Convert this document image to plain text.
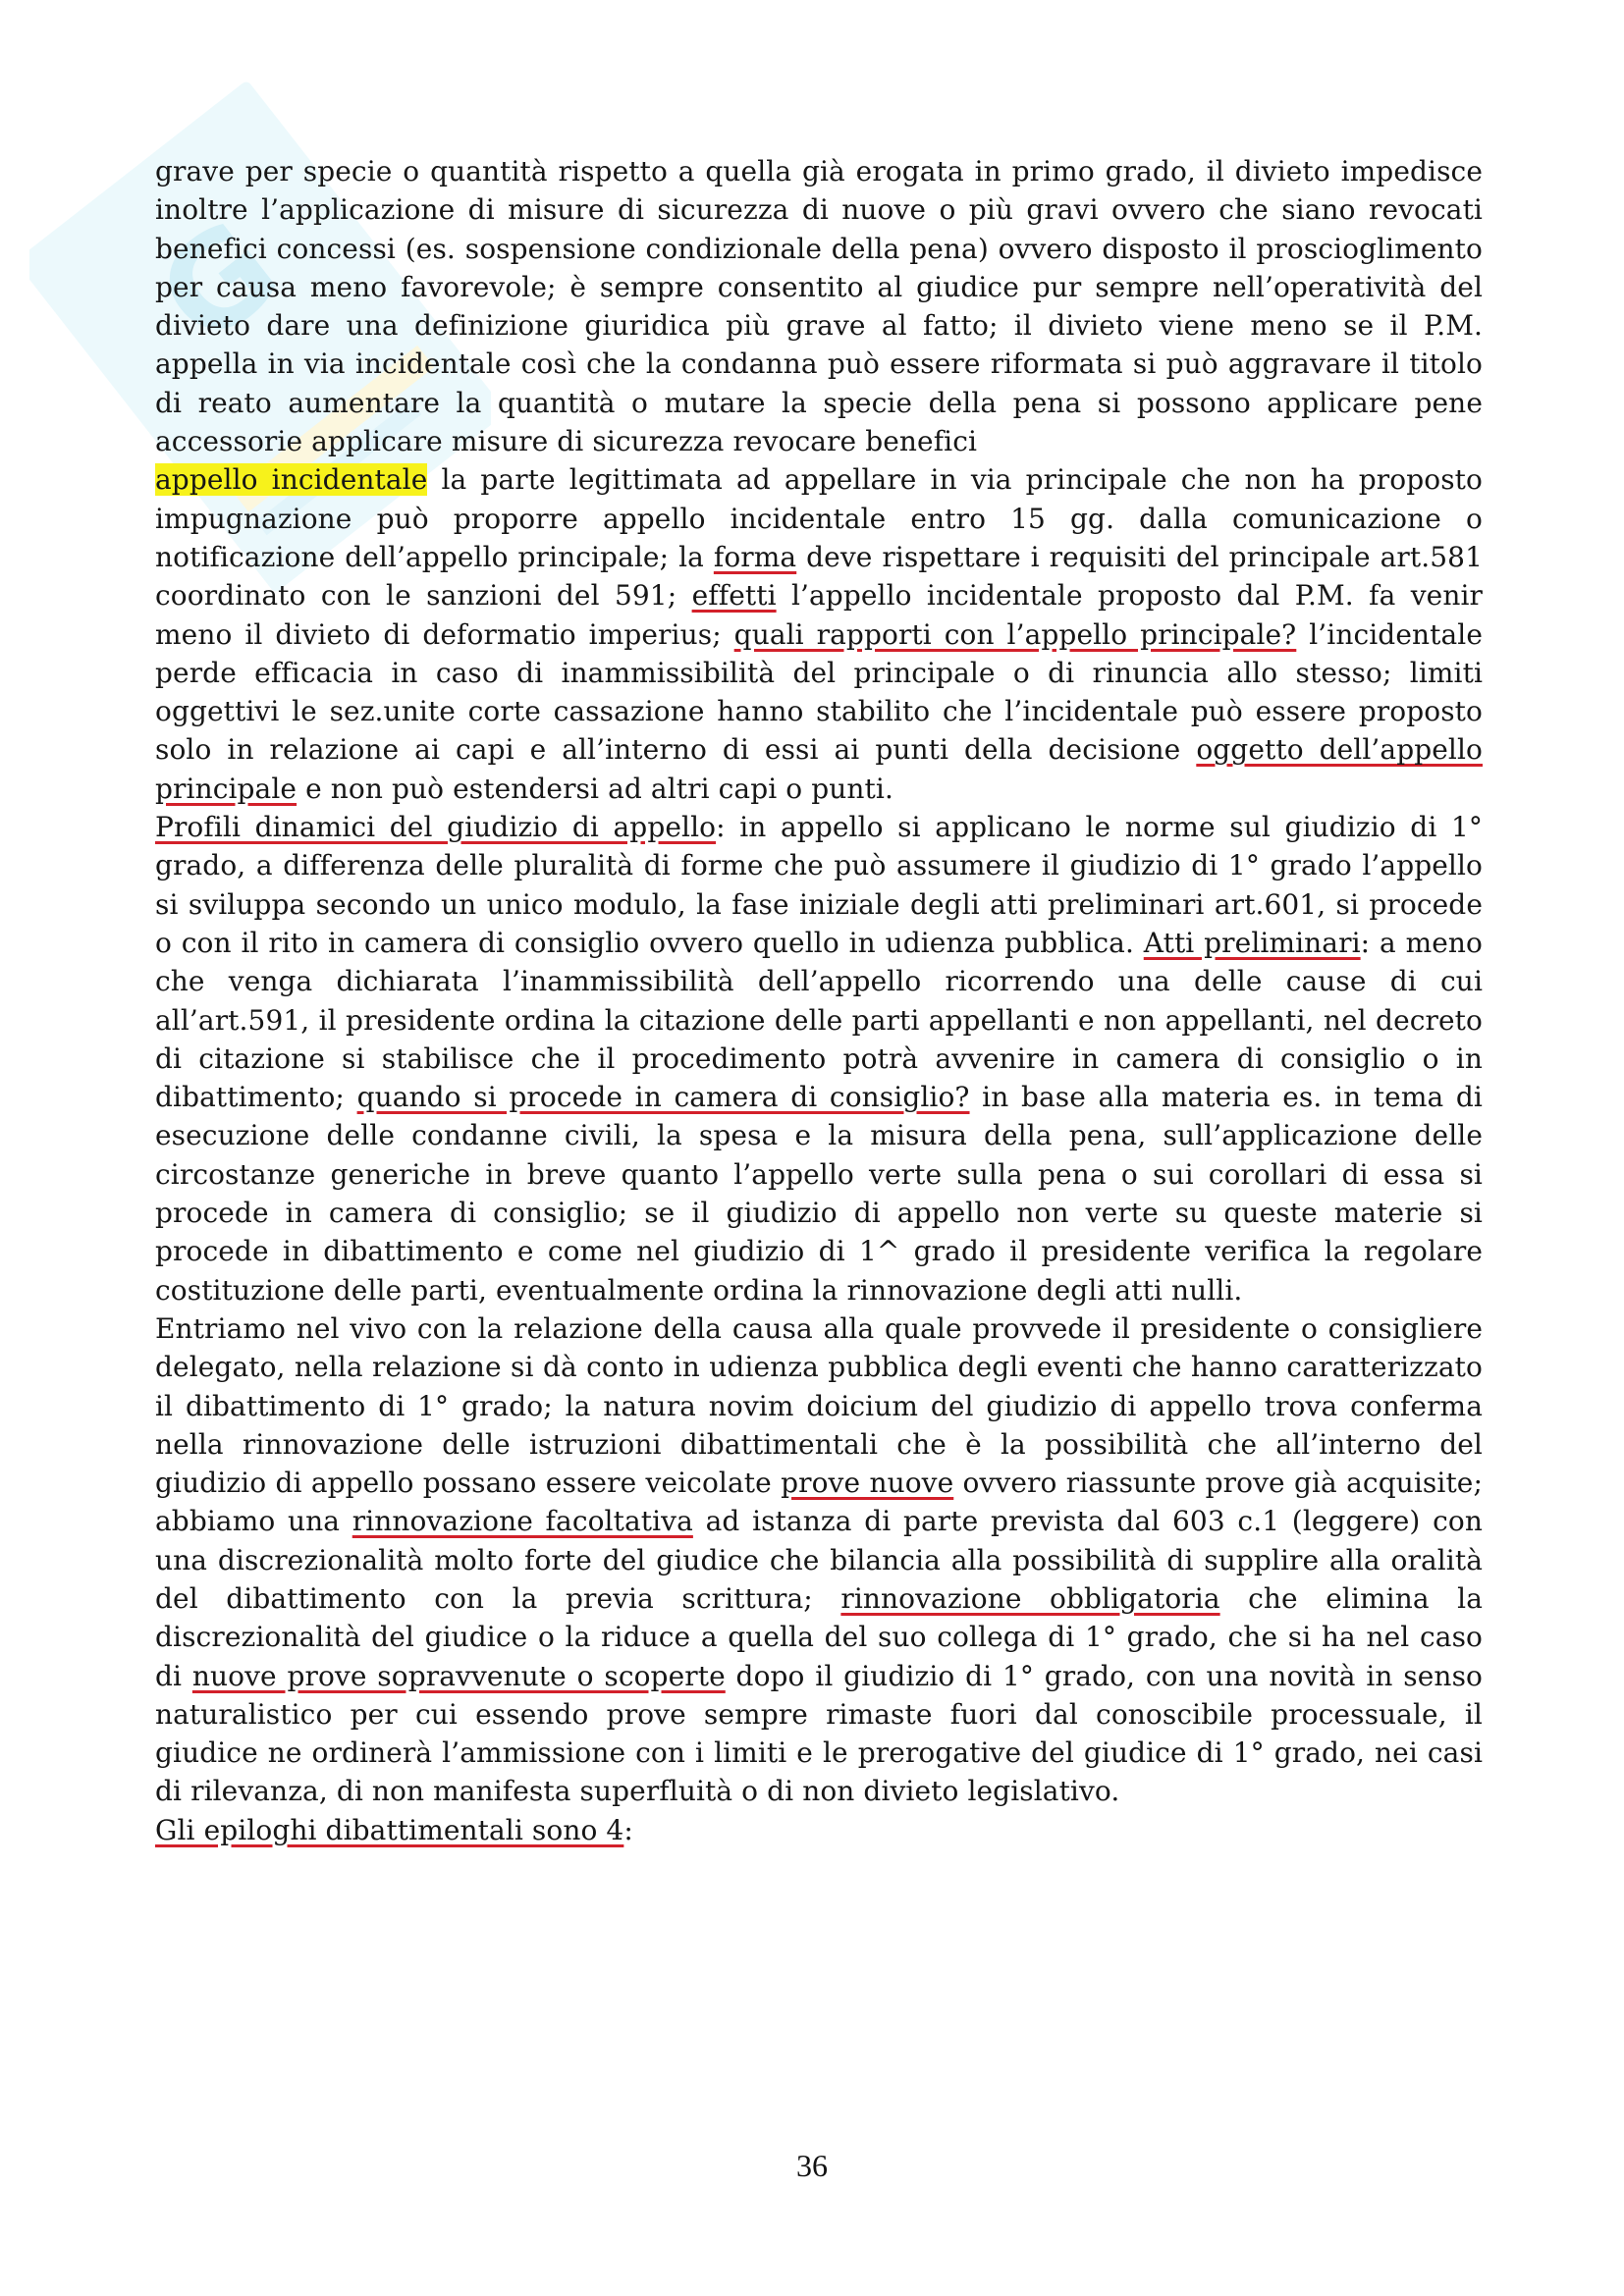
G

grave per specie o quantità rispetto a quella già erogata in primo grado, il divieto impedisce inoltre l’applicazione di misure di sicurezza di nuove o più gravi ovvero che siano revocati benefici concessi (es. sospensione condizionale della pena) ovvero disposto il proscioglimento per causa meno favorevole; è sempre consentito al giudice pur sempre nell’operatività del divieto dare una definizione giuridica più grave al fatto; il divieto viene meno se il P.M. appella in via incidentale così che la condanna può essere riformata si può aggravare il titolo di reato aumentare la quantità o mutare la specie della pena si possono applicare pene accessorie applicare misure di sicurezza revocare benefici

appello incidentale la parte legittimata ad appellare in via principale che non ha proposto impugnazione può proporre appello incidentale entro 15 gg. dalla comunicazione o notificazione dell’appello principale; la forma deve rispettare i requisiti del principale art.581 coordinato con le sanzioni del 591; effetti l’appello incidentale proposto dal P.M. fa venir meno il divieto di deformatio imperius; quali rapporti con l’appello principale? l’incidentale perde efficacia in caso di inammissibilità del principale o di rinuncia allo stesso; limiti oggettivi le sez.unite corte cassazione hanno stabilito che l’incidentale può essere proposto solo in relazione ai capi e all’interno di essi ai punti della decisione oggetto dell’appello principale e non può estendersi ad altri capi o punti.

Profili dinamici del giudizio di appello: in appello si applicano le norme sul giudizio di 1° grado, a differenza delle pluralità di forme che può assumere il giudizio di 1° grado l’appello si sviluppa secondo un unico modulo, la fase iniziale degli atti preliminari art.601, si procede o con il rito in camera di consiglio ovvero quello in udienza pubblica. Atti preliminari: a meno che venga dichiarata l’inammissibilità dell’appello ricorrendo una delle cause di cui all’art.591, il presidente ordina la citazione delle parti appellanti e non appellanti, nel decreto di citazione si stabilisce che il procedimento potrà avvenire in camera di consiglio o in dibattimento; quando si procede in camera di consiglio? in base alla materia es. in tema di esecuzione delle condanne civili, la spesa e la misura della pena, sull’applicazione delle circostanze generiche in breve quanto l’appello verte sulla pena o sui corollari di essa si procede in camera di consiglio; se il giudizio di appello non verte su queste materie si procede in dibattimento e come nel giudizio di 1^ grado il presidente verifica la regolare costituzione delle parti, eventualmente ordina la rinnovazione degli atti nulli.

Entriamo nel vivo con la relazione della causa alla quale provvede il presidente o consigliere delegato, nella relazione si dà conto in udienza pubblica degli eventi che hanno caratterizzato il dibattimento di 1° grado; la natura novim doicium del giudizio di appello trova conferma nella rinnovazione delle istruzioni dibattimentali che è la possibilità che all’interno del giudizio di appello possano essere veicolate prove nuove ovvero riassunte prove già acquisite; abbiamo una rinnovazione facoltativa ad istanza di parte prevista dal 603 c.1 (leggere) con una discrezionalità molto forte del giudice che bilancia alla possibilità di supplire alla oralità del dibattimento con la previa scrittura; rinnovazione obbligatoria che elimina la discrezionalità del giudice o la riduce a quella del suo collega di 1° grado, che si ha nel caso di nuove prove sopravvenute o scoperte dopo il giudizio di 1° grado, con una novità in senso naturalistico per cui essendo prove sempre rimaste fuori dal conoscibile processuale, il giudice ne ordinerà l’ammissione con i limiti e le prerogative del giudice di 1° grado, nei casi di rilevanza, di non manifesta superfluità o di non divieto legislativo.

Gli epiloghi dibattimentali sono 4:

36
